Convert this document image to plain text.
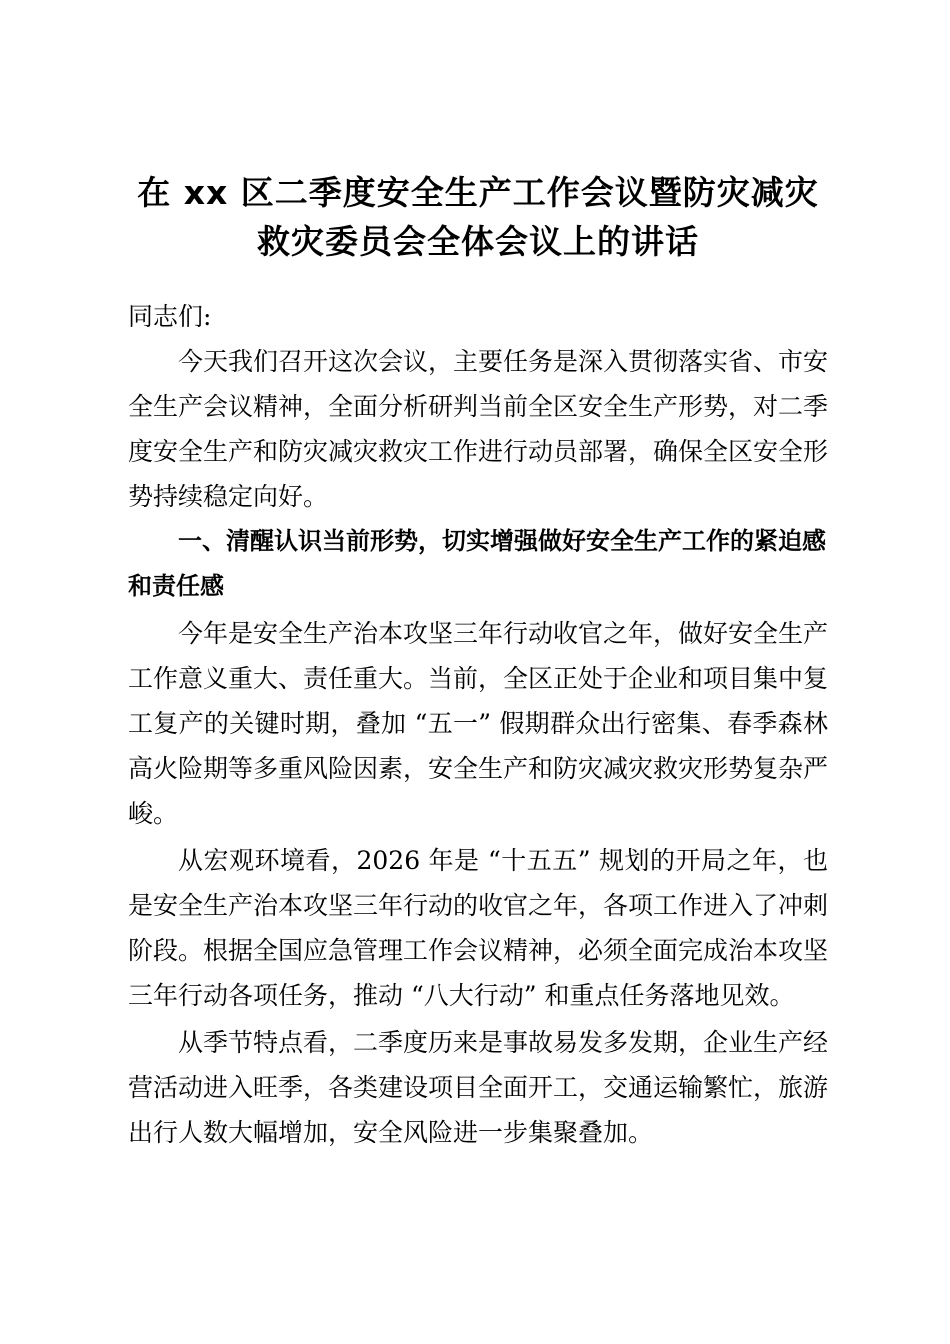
在 xx 区二季度安全生产工作会议暨防灾减灾
救灾委员会全体会议上的讲话

同志们:

今天我们召开这次会议，主要任务是深入贯彻落实省、市安全生产会议精神，全面分析研判当前全区安全生产形势，对二季度安全生产和防灾减灾救灾工作进行动员部署，确保全区安全形势持续稳定向好。

一、清醒认识当前形势，切实增强做好安全生产工作的紧迫感和责任感

今年是安全生产治本攻坚三年行动收官之年，做好安全生产工作意义重大、责任重大。当前，全区正处于企业和项目集中复工复产的关键时期，叠加 “五一” 假期群众出行密集、春季森林高火险期等多重风险因素，安全生产和防灾减灾救灾形势复杂严峻。

从宏观环境看，2026 年是 “十五五” 规划的开局之年，也是安全生产治本攻坚三年行动的收官之年，各项工作进入了冲刺阶段。根据全国应急管理工作会议精神，必须全面完成治本攻坚三年行动各项任务，推动 “八大行动” 和重点任务落地见效。

从季节特点看，二季度历来是事故易发多发期，企业生产经营活动进入旺季，各类建设项目全面开工，交通运输繁忙，旅游出行人数大幅增加，安全风险进一步集聚叠加。
